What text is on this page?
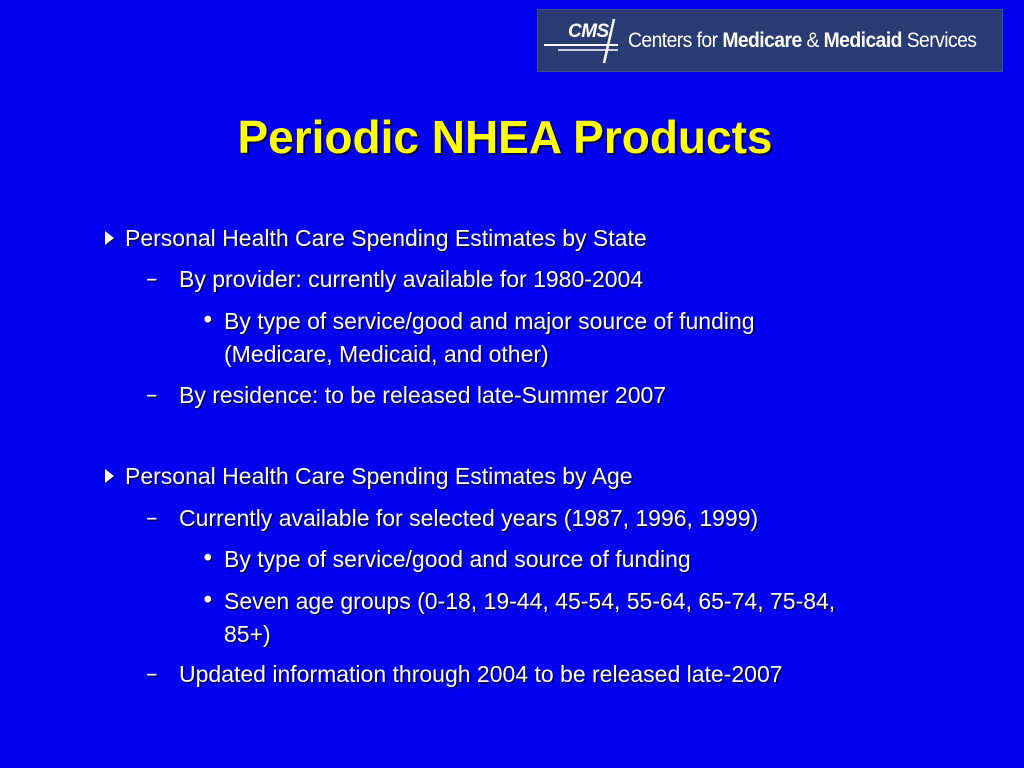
CMS Centers for Medicare & Medicaid Services
Periodic NHEA Products
Personal Health Care Spending Estimates by State
– By provider: currently available for 1980-2004
• By type of service/good and major source of funding
(Medicare, Medicaid, and other)
– By residence: to be released late-Summer 2007
Personal Health Care Spending Estimates by Age
– Currently available for selected years (1987, 1996, 1999)
• By type of service/good and source of funding
• Seven age groups (0-18, 19-44, 45-54, 55-64, 65-74, 75-84,
85+)
– Updated information through 2004 to be released late-2007
